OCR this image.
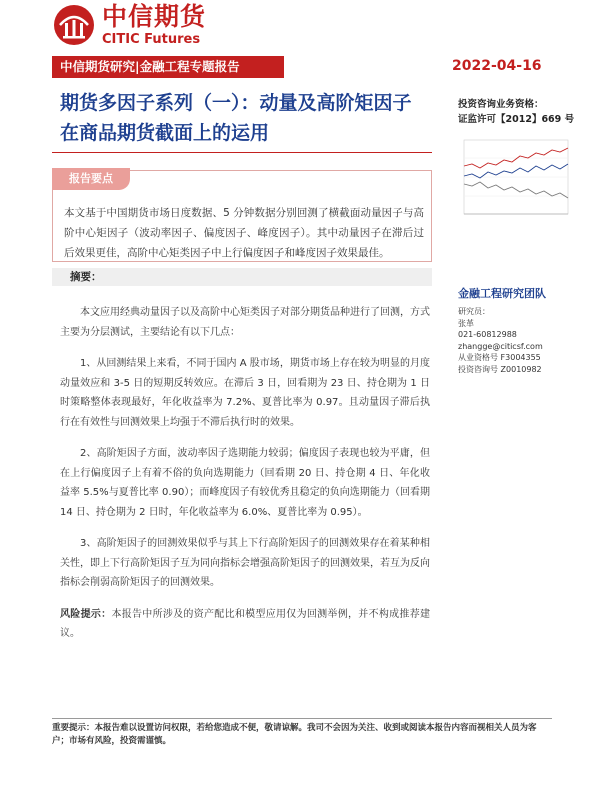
中信期货
CITIC Futures
中信期货研究|金融工程专题报告	2022-04-16
期货多因子系列（一）：动量及高阶矩因子在商品期货截面上的运用
投资咨询业务资格：
证监许可【2012】669 号
报告要点
本文基于中国期货市场日度数据、5 分钟数据分别回测了横截面动量因子与高阶中心矩因子（波动率因子、偏度因子、峰度因子）。其中动量因子在滞后过后效果更佳，高阶中心矩类因子中上行偏度因子和峰度因子效果最佳。
摘要：

本文应用经典动量因子以及高阶中心矩类因子对部分期货品种进行了回测，方式主要为分层测试，主要结论有以下几点：

1、从回测结果上来看，不同于国内 A 股市场，期货市场上存在较为明显的月度动量效应和 3-5 日的短期反转效应。在滞后 3 日，回看期为 23 日、持仓期为 1 日时策略整体表现最好，年化收益率为 7.2%、夏普比率为 0.97。且动量因子滞后执行在有效性与回测效果上均强于不滞后执行时的效果。

2、高阶矩因子方面，波动率因子选期能力较弱；偏度因子表现也较为平庸，但在上行偏度因子上有着不俗的负向选期能力（回看期 20 日、持仓期 4 日、年化收益率 5.5%与夏普比率 0.90）；而峰度因子有较优秀且稳定的负向选期能力（回看期 14 日、持仓期为 2 日时，年化收益率为 6.0%、夏普比率为 0.95）。

3、高阶矩因子的回测效果似乎与其上下行高阶矩因子的回测效果存在着某种相关性，即上下行高阶矩因子互为同向指标会增强高阶矩因子的回测效果，若互为反向指标会削弱高阶矩因子的回测效果。

风险提示：本报告中所涉及的资产配比和模型应用仅为回测举例，并不构成推荐建议。

金融工程研究团队
研究员：
张革
021-60812988
zhangge@citicsf.com
从业资格号 F3004355
投资咨询号 Z0010982
重要提示：本报告难以设置访问权限，若给您造成不便，敬请谅解。我司不会因为关注、收到或阅读本报告内容而视相关人员为客户；市场有风险，投资需谨慎。
